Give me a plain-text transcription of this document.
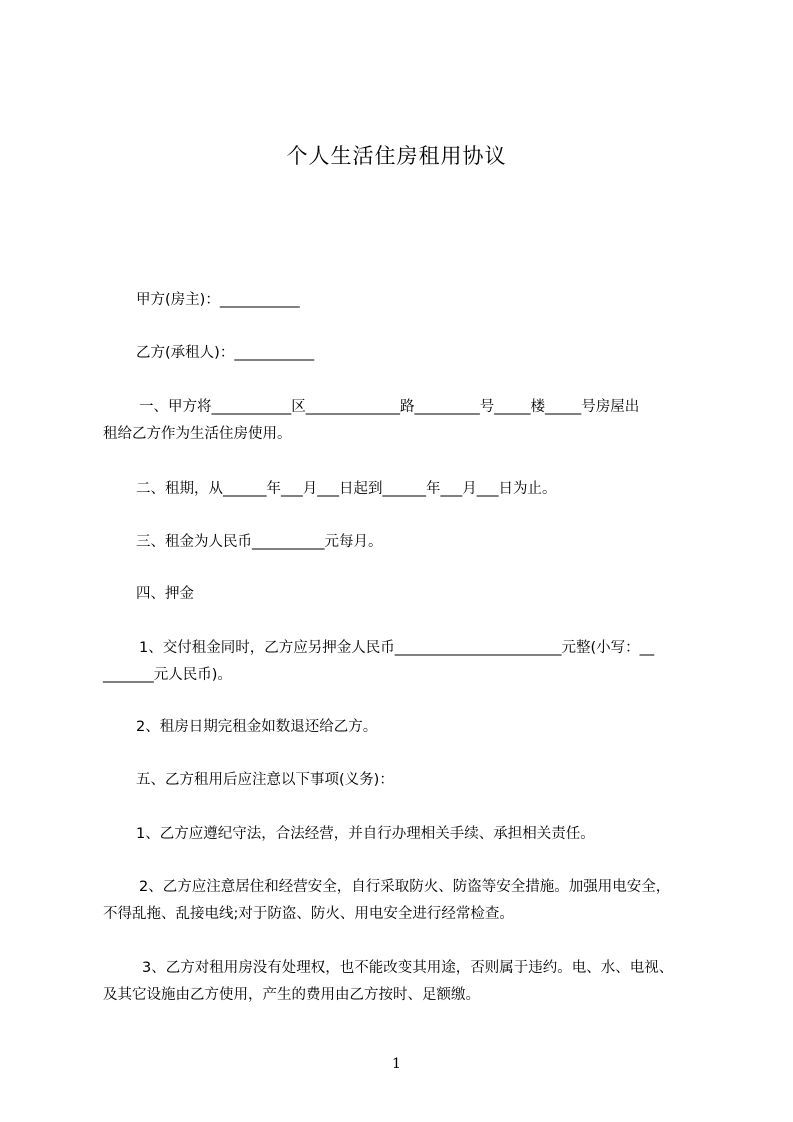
个人生活住房租用协议

甲方(房主)：___________

乙方(承租人)：___________

一、甲方将___________区_____________路_________号_____楼_____号房屋出

租给乙方作为生活住房使用。

二、租期，从______年___月___日起到______年___月___日为止。

三、租金为人民币__________元每月。

四、押金

1、交付租金同时，乙方应另押金人民币_______________________元整(小写：__

_______元人民币)。

2、租房日期完租金如数退还给乙方。

五、乙方租用后应注意以下事项(义务)：

1、乙方应遵纪守法，合法经营，并自行办理相关手续、承担相关责任。

2、乙方应注意居住和经营安全，自行采取防火、防盗等安全措施。加强用电安全，

不得乱拖、乱接电线;对于防盗、防火、用电安全进行经常检查。

3、乙方对租用房没有处理权，也不能改变其用途，否则属于违约。电、水、电视、

及其它设施由乙方使用，产生的费用由乙方按时、足额缴。

1
